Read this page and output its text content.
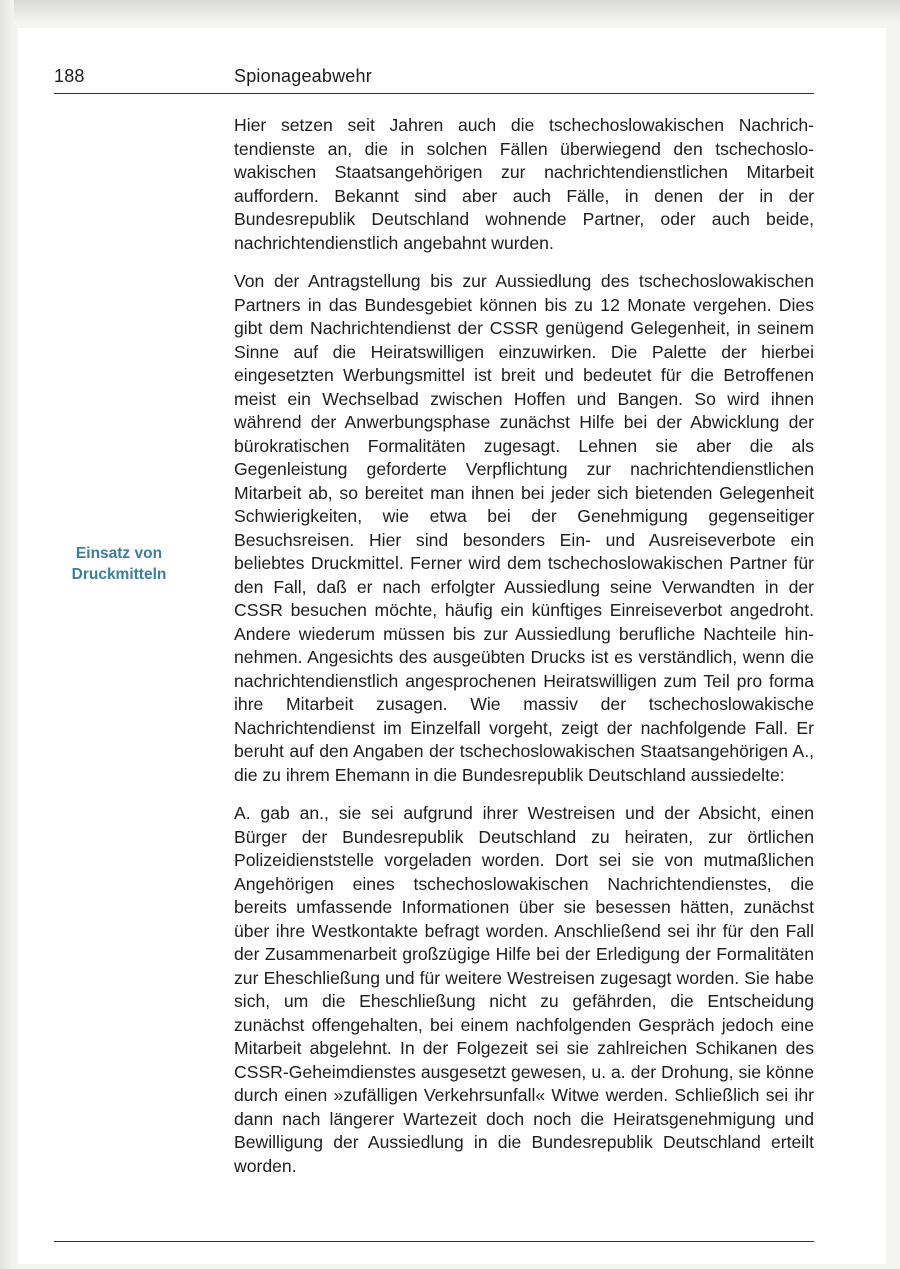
188	Spionageabwehr
Einsatz von
Druckmitteln

Hier setzen seit Jahren auch die tschechoslowakischen Nachrichtendienste an, die in solchen Fällen überwiegend den tschechoslowakischen Staatsangehörigen zur nachrichtendienstlichen Mitarbeit auffordern. Bekannt sind aber auch Fälle, in denen der in der Bundesrepublik Deutschland wohnende Partner, oder auch beide, nachrichtendienstlich angebahnt wurden.

Von der Antragstellung bis zur Aussiedlung des tschechoslowakischen Partners in das Bundesgebiet können bis zu 12 Monate vergehen. Dies gibt dem Nachrichtendienst der CSSR genügend Gelegenheit, in seinem Sinne auf die Heiratswilligen einzuwirken. Die Palette der hierbei eingesetzten Werbungsmittel ist breit und bedeutet für die Betroffenen meist ein Wechselbad zwischen Hoffen und Bangen. So wird ihnen während der Anwerbungsphase zunächst Hilfe bei der Abwicklung der bürokratischen Formalitäten zugesagt. Lehnen sie aber die als Gegenleistung geforderte Verpflichtung zur nachrichtendienstlichen Mitarbeit ab, so bereitet man ihnen bei jeder sich bietenden Gelegenheit Schwierigkeiten, wie etwa bei der Genehmigung gegenseitiger Besuchsreisen. Hier sind besonders Ein- und Ausreiseverbote ein beliebtes Druckmittel. Ferner wird dem tschechoslowakischen Partner für den Fall, daß er nach erfolgter Aussiedlung seine Verwandten in der CSSR besuchen möchte, häufig ein künftiges Einreiseverbot angedroht. Andere wiederum müssen bis zur Aussiedlung berufliche Nachteile hinnehmen. Angesichts des ausgeübten Drucks ist es verständlich, wenn die nachrichtendienstlich angesprochenen Heiratswilligen zum Teil pro forma ihre Mitarbeit zusagen. Wie massiv der tschechoslowakische Nachrichtendienst im Einzelfall vorgeht, zeigt der nachfolgende Fall. Er beruht auf den Angaben der tschechoslowakischen Staatsangehörigen A., die zu ihrem Ehemann in die Bundesrepublik Deutschland aussiedelte:

A. gab an., sie sei aufgrund ihrer Westreisen und der Absicht, einen Bürger der Bundesrepublik Deutschland zu heiraten, zur örtlichen Polizeidienststelle vorgeladen worden. Dort sei sie von mutmaßlichen Angehörigen eines tschechoslowakischen Nachrichtendienstes, die bereits umfassende Informationen über sie besessen hätten, zunächst über ihre Westkontakte befragt worden. Anschließend sei ihr für den Fall der Zusammenarbeit großzügige Hilfe bei der Erledigung der Formalitäten zur Eheschließung und für weitere Westreisen zugesagt worden. Sie habe sich, um die Eheschließung nicht zu gefährden, die Entscheidung zunächst offengehalten, bei einem nachfolgenden Gespräch jedoch eine Mitarbeit abgelehnt. In der Folgezeit sei sie zahlreichen Schikanen des CSSR-Geheimdienstes ausgesetzt gewesen, u. a. der Drohung, sie könne durch einen »zufälligen Verkehrsunfall« Witwe werden. Schließlich sei ihr dann nach längerer Wartezeit doch noch die Heiratsgenehmigung und Bewilligung der Aussiedlung in die Bundesrepublik Deutschland erteilt worden.
